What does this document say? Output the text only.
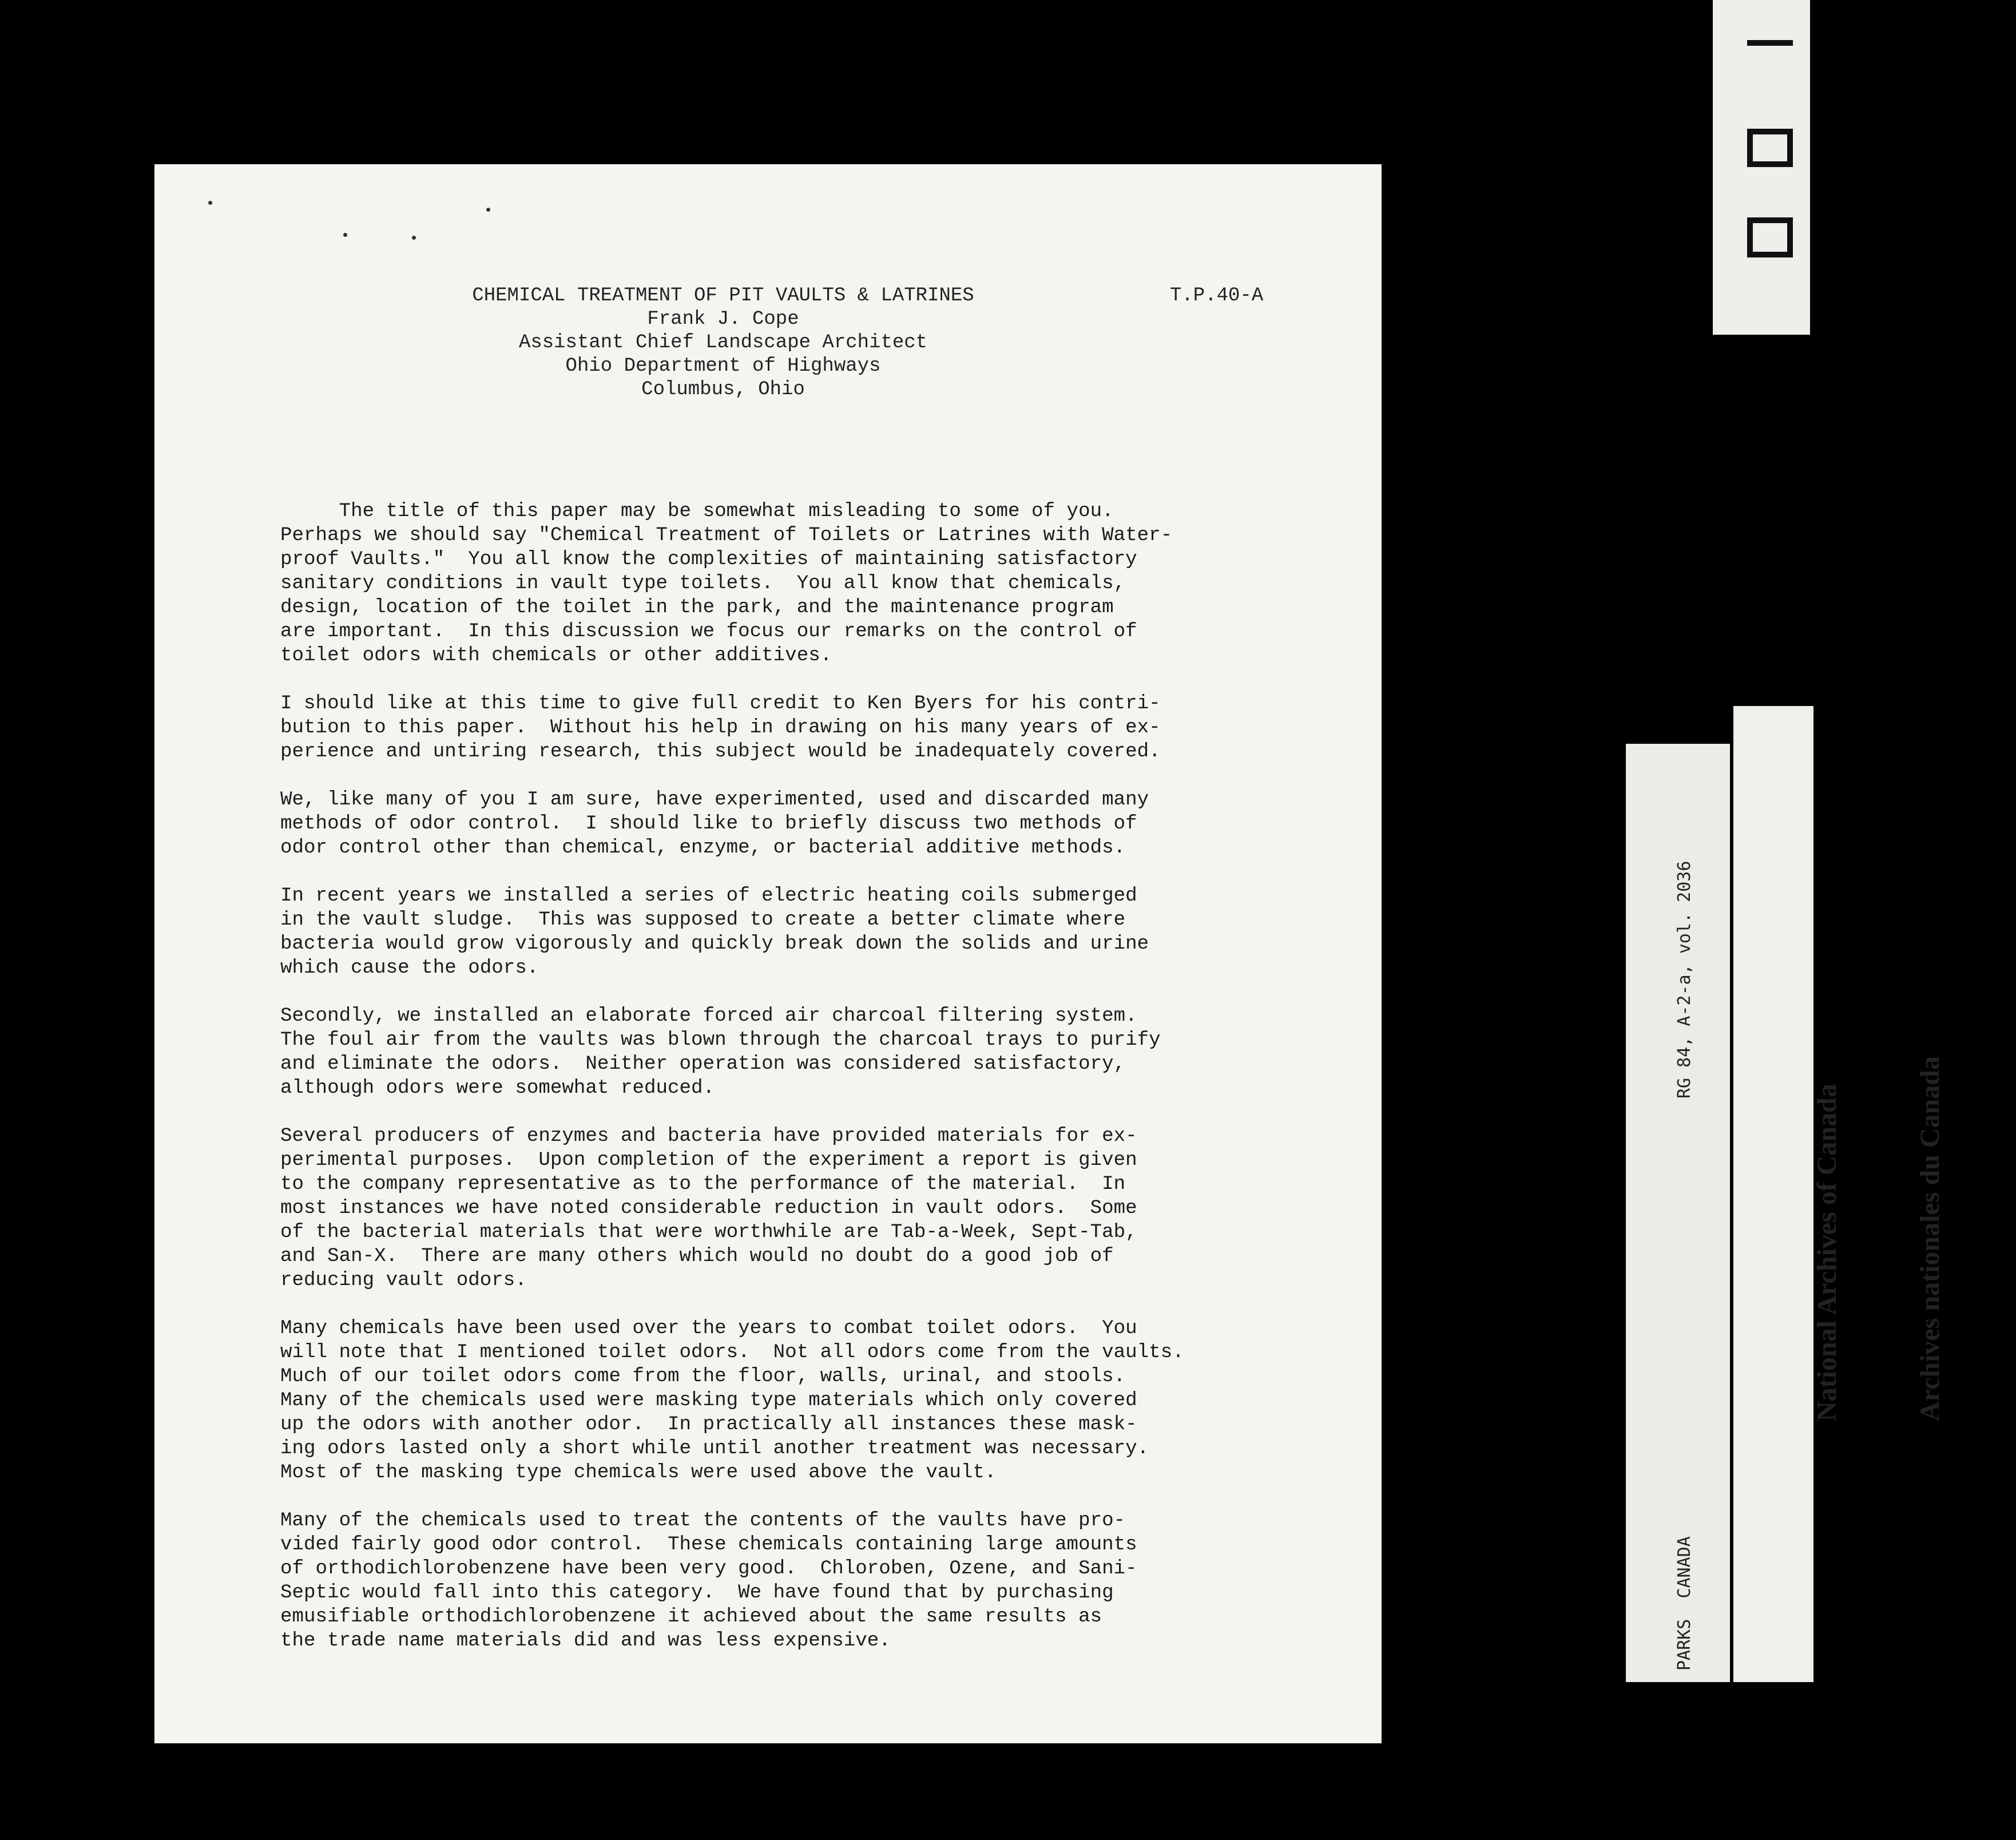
CHEMICAL TREATMENT OF PIT VAULTS & LATRINES
Frank J. Cope
Assistant Chief Landscape Architect
Ohio Department of Highways
Columbus, Ohio
T.P.40-A
The title of this paper may be somewhat misleading to some of you.
Perhaps we should say "Chemical Treatment of Toilets or Latrines with Water-
proof Vaults."  You all know the complexities of maintaining satisfactory
sanitary conditions in vault type toilets.  You all know that chemicals,
design, location of the toilet in the park, and the maintenance program
are important.  In this discussion we focus our remarks on the control of
toilet odors with chemicals or other additives.
I should like at this time to give full credit to Ken Byers for his contri-
bution to this paper.  Without his help in drawing on his many years of ex-
perience and untiring research, this subject would be inadequately covered.
We, like many of you I am sure, have experimented, used and discarded many
methods of odor control.  I should like to briefly discuss two methods of
odor control other than chemical, enzyme, or bacterial additive methods.
In recent years we installed a series of electric heating coils submerged
in the vault sludge.  This was supposed to create a better climate where
bacteria would grow vigorously and quickly break down the solids and urine
which cause the odors.
Secondly, we installed an elaborate forced air charcoal filtering system.
The foul air from the vaults was blown through the charcoal trays to purify
and eliminate the odors.  Neither operation was considered satisfactory,
although odors were somewhat reduced.
Several producers of enzymes and bacteria have provided materials for ex-
perimental purposes.  Upon completion of the experiment a report is given
to the company representative as to the performance of the material.  In
most instances we have noted considerable reduction in vault odors.  Some
of the bacterial materials that were worthwhile are Tab-a-Week, Sept-Tab,
and San-X.  There are many others which would no doubt do a good job of
reducing vault odors.
Many chemicals have been used over the years to combat toilet odors.  You
will note that I mentioned toilet odors.  Not all odors come from the vaults.
Much of our toilet odors come from the floor, walls, urinal, and stools.
Many of the chemicals used were masking type materials which only covered
up the odors with another odor.  In practically all instances these mask-
ing odors lasted only a short while until another treatment was necessary.
Most of the masking type chemicals were used above the vault.
Many of the chemicals used to treat the contents of the vaults have pro-
vided fairly good odor control.  These chemicals containing large amounts
of orthodichlorobenzene have been very good.  Chloroben, Ozene, and Sani-
Septic would fall into this category.  We have found that by purchasing
emusifiable orthodichlorobenzene it achieved about the same results as
the trade name materials did and was less expensive.

RG 84, A-2-a, vol. 2036

PARKS  CANADA

National Archives of Canada

	Archives nationales du Canada
